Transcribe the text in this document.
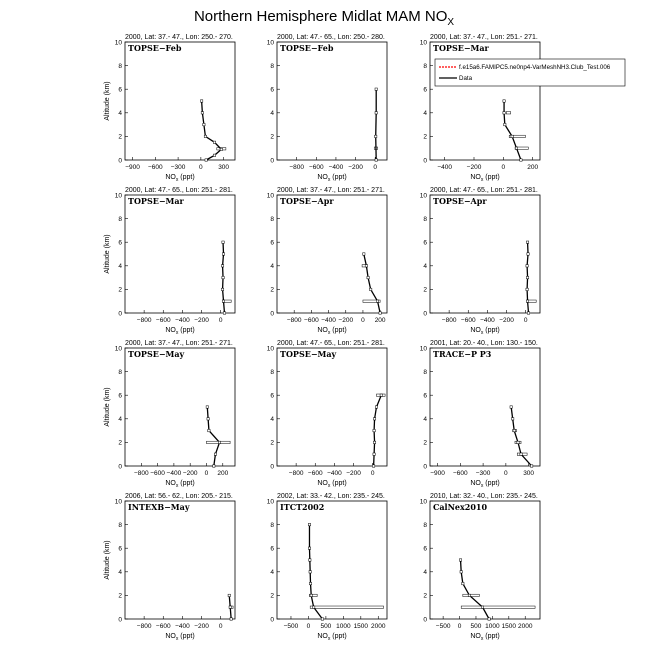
Northern Hemisphere Midlat MAM $NO_X$
2000, Lat: 37.- 47., Lon: 250.- 270.
TOPSE−Feb
−900 −600 −300 0 300
0
2
4
6
8
10
$NO_x$ (ppt)
Altitude (km)
2000, Lat: 47.- 65., Lon: 250.- 280.
TOPSE−Feb
−800 −600 −400 −200 0
0
2
4
6
8
10
$NO_x$ (ppt)
2000, Lat: 37.- 47., Lon: 251.- 271.
TOPSE−Mar
−400 −200	0	200
0
2
4
6
8
10
$NO_x$ (ppt)
f.e15a6.FAMIPC5.ne0np4-VarMeshNH3.Club_Test.006
Data
2000, Lat: 47.- 65., Lon: 251.- 281.
TOPSE−Mar
−800 −600 −400 −200 0
0
2
4
6
8
10
$NO_x$ (ppt)
Altitude (km)
2000, Lat: 37.- 47., Lon: 251.- 271.
TOPSE−Apr
−800 −600 −400 −200 0 200
0
2
4
6
8
10
$NO_x$ (ppt)
2000, Lat: 47.- 65., Lon: 251.- 281.
TOPSE−Apr
−800 −600 −400 −200 0
0
2
4
6
8
10
$NO_x$ (ppt)
2000, Lat: 37.- 47., Lon: 251.- 271.
TOPSE−May
−800 −600 −400 −200 0 200
0
2
4
6
8
10
$NO_x$ (ppt)
Altitude (km)
2000, Lat: 47.- 65., Lon: 251.- 281.
TOPSE−May
−800 −600 −400 −200 0
0
2
4
6
8
10
$NO_x$ (ppt)
2001, Lat: 20.- 40., Lon: 130.- 150.
TRACE−P P3
−900 −600 −300 0 300
0
2
4
6
8
10
$NO_x$ (ppt)
2006, Lat: 56.- 62., Lon: 205.- 215.
INTEXB−May
−800 −600 −400 −200 0
0
2
4
6
8
10
$NO_x$ (ppt)
Altitude (km)
2002, Lat: 33.- 42., Lon: 235.- 245.
ITCT2002
−500 0 500 1000 1500 2000
0
2
4
6
8
10
$NO_x$ (ppt)
2010, Lat: 32.- 40., Lon: 235.- 245.
CalNex2010
−500 0 500 1000 1500 2000
0
2
4
6
8
10
$NO_x$ (ppt)
